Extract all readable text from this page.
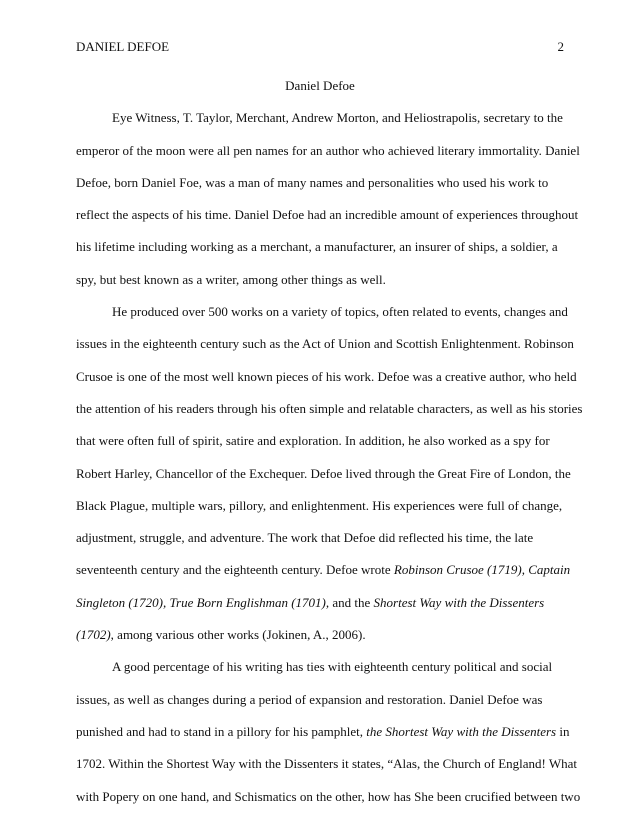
DANIEL DEFOE	2
Daniel Defoe

Eye Witness, T. Taylor, Merchant, Andrew Morton, and Heliostrapolis, secretary to the
emperor of the moon were all pen names for an author who achieved literary immortality. Daniel
Defoe, born Daniel Foe, was a man of many names and personalities who used his work to
reflect the aspects of his time. Daniel Defoe had an incredible amount of experiences throughout
his lifetime including working as a merchant, a manufacturer, an insurer of ships, a soldier, a
spy, but best known as a writer, among other things as well.

He produced over 500 works on a variety of topics, often related to events, changes and
issues in the eighteenth century such as the Act of Union and Scottish Enlightenment. Robinson
Crusoe is one of the most well known pieces of his work. Defoe was a creative author, who held
the attention of his readers through his often simple and relatable characters, as well as his stories
that were often full of spirit, satire and exploration. In addition, he also worked as a spy for
Robert Harley, Chancellor of the Exchequer. Defoe lived through the Great Fire of London, the
Black Plague, multiple wars, pillory, and enlightenment. His experiences were full of change,
adjustment, struggle, and adventure. The work that Defoe did reflected his time, the late
seventeenth century and the eighteenth century. Defoe wrote Robinson Crusoe (1719), Captain
Singleton (1720), True Born Englishman (1701), and the Shortest Way with the Dissenters
(1702), among various other works (Jokinen, A., 2006).

A good percentage of his writing has ties with eighteenth century political and social
issues, as well as changes during a period of expansion and restoration. Daniel Defoe was
punished and had to stand in a pillory for his pamphlet, the Shortest Way with the Dissenters in
1702. Within the Shortest Way with the Dissenters it states, “Alas, the Church of England! What
with Popery on one hand, and Schismatics on the other, how has She been crucified between two
